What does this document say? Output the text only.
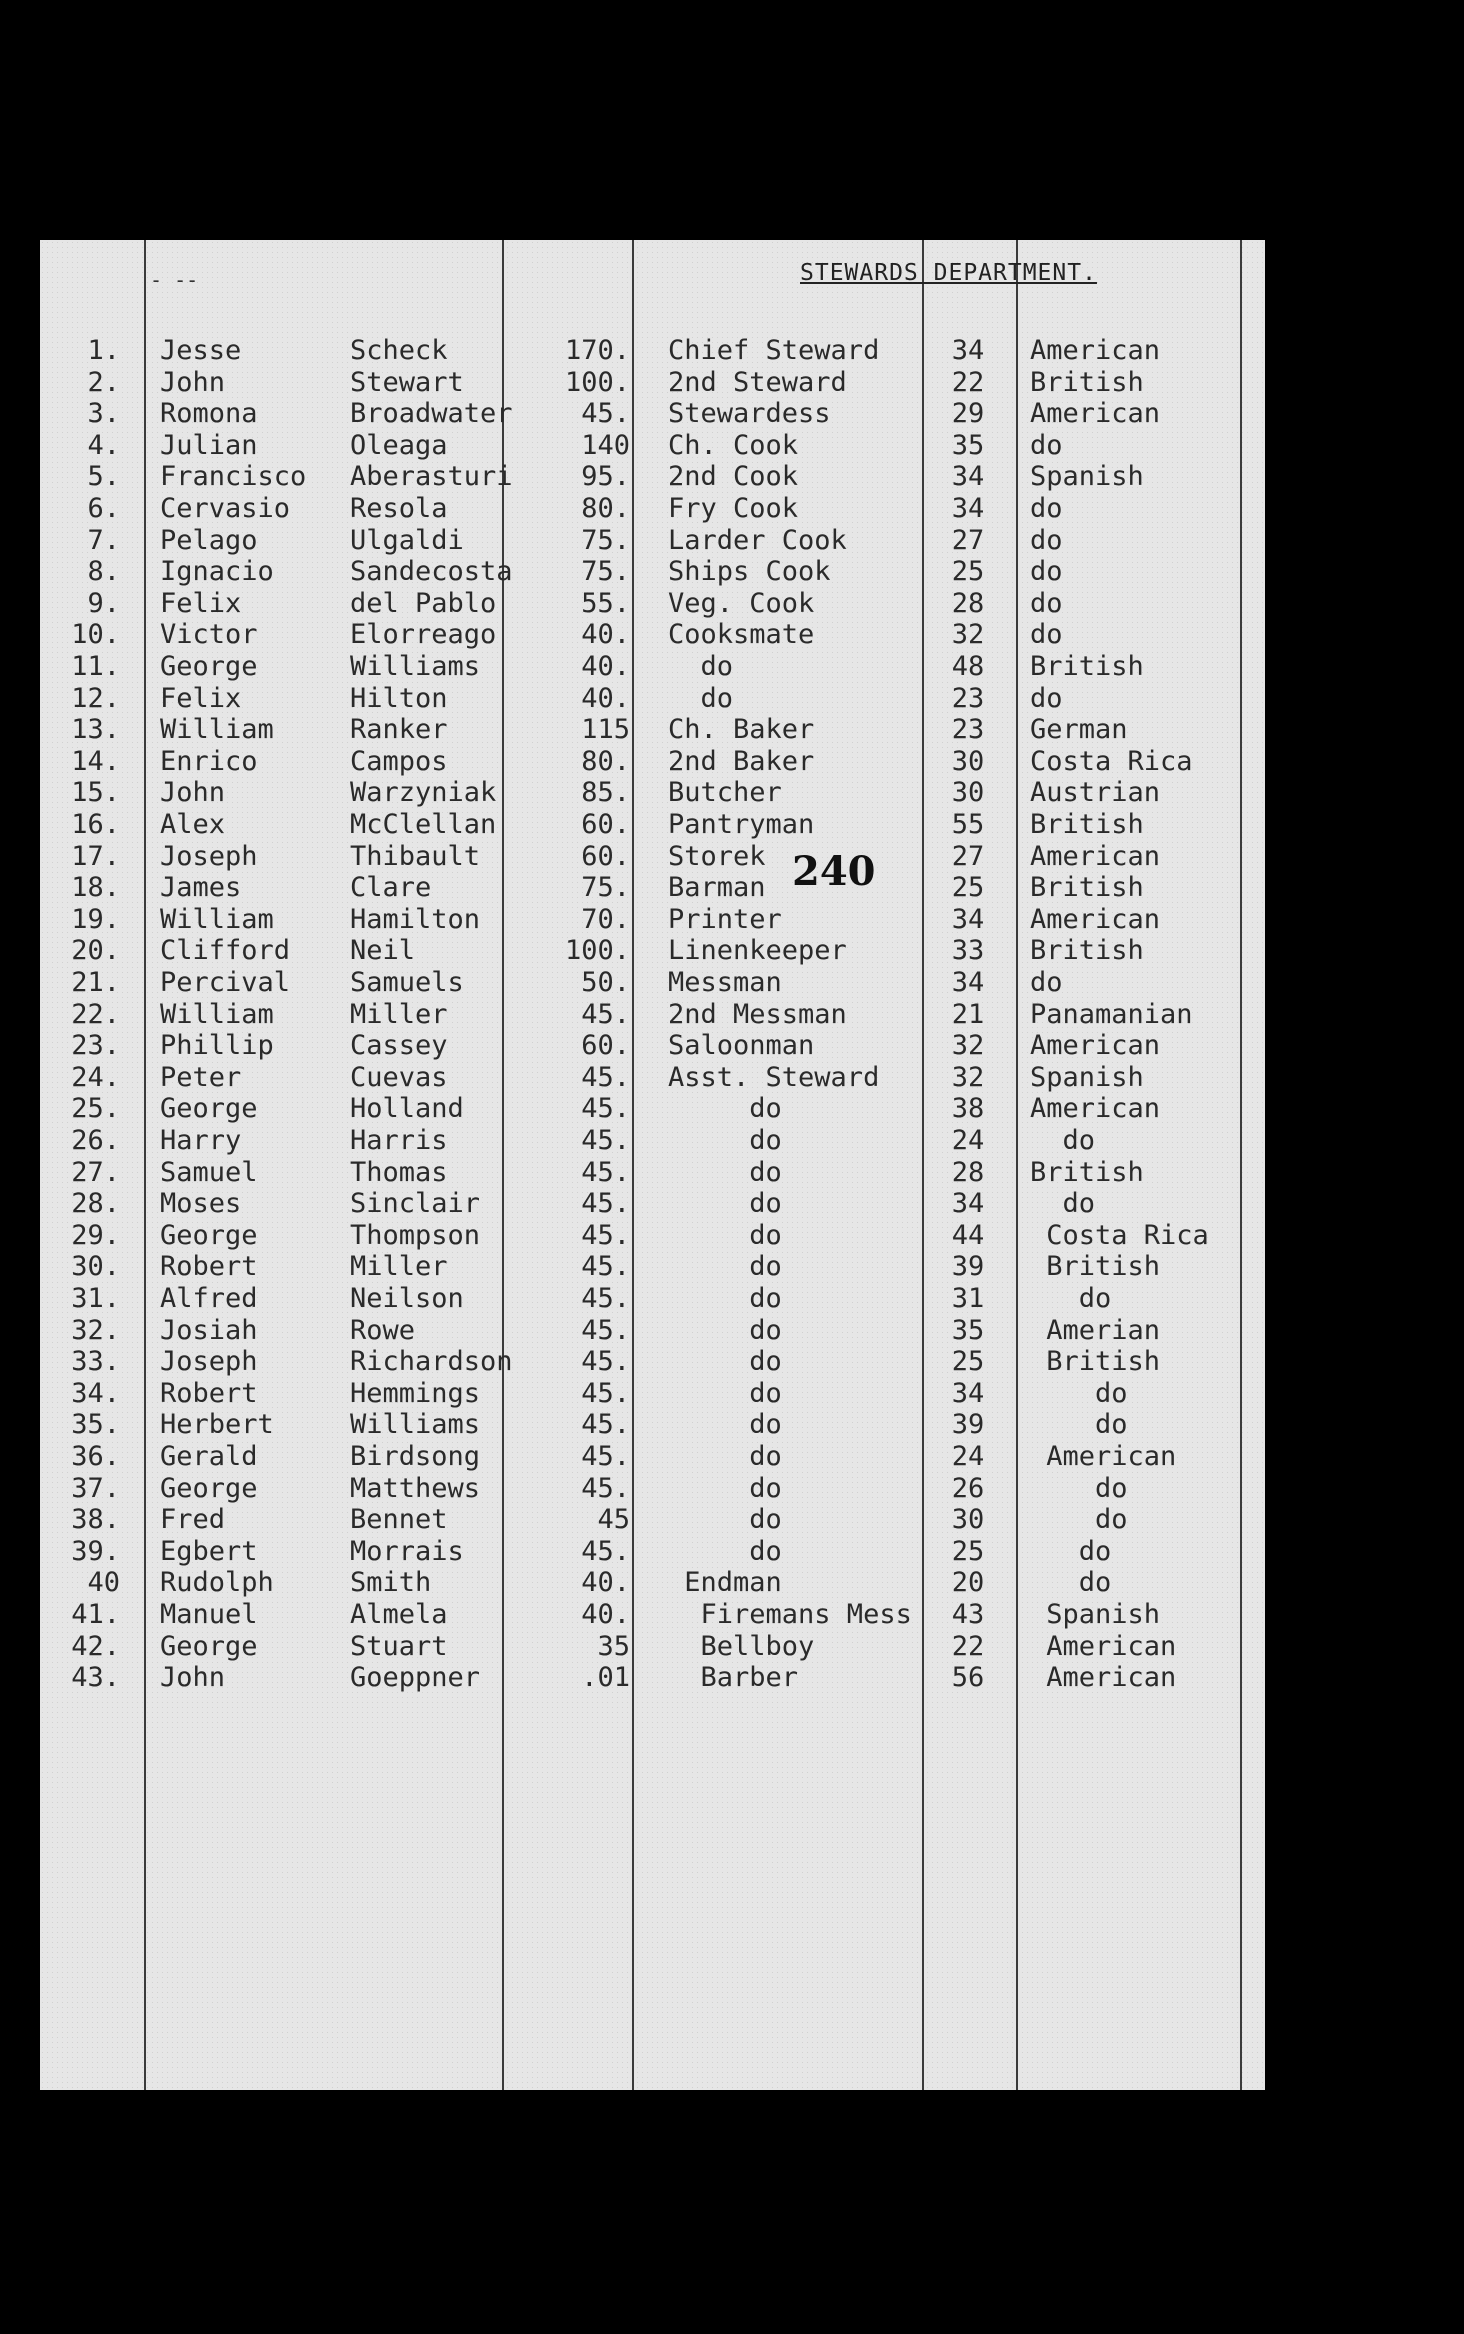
- --	STEWARDS DEPARTMENT.
1. Jesse	Scheck	170. Chief Steward	34	American
2. John	Stewart	100. 2nd Steward	22	British
3. Romona	Broadwater	45. Stewardess	29	American
4. Julian	Oleaga	140 Ch. Cook	35	do
5. Francisco Aberasturi	95. 2nd Cook	34	Spanish
6. Cervasio Resola	80. Fry Cook	34	do
7. Pelago	Ulgaldi	75. Larder Cook	27	do
8. Ignacio	Sandecosta	75. Ships Cook	25	do
9. Felix	del Pablo	55. Veg. Cook	28	do
10. Victor	Elorreago	40. Cooksmate	32	do
11. George	Williams	40. do	48	British
12. Felix	Hilton	40. do	23	do
13. William	Ranker	115 Ch. Baker	23	German
14. Enrico	Campos	80. 2nd Baker	30	Costa Rica
15. John	Warzyniak	85. Butcher	30	Austrian
16. Alex	McClellan	60. Pantryman	55	British
17. Joseph	Thibault	60. Storek	27	American
18. James	Clare	75. Barman	25	British
19. William	Hamilton	70. Printer	34	American
20. Clifford Neil	100. Linenkeeper	33	British
21. Percival Samuels	50. Messman	34	do
22. William	Miller	45. 2nd Messman	21	Panamanian
23. Phillip	Cassey	60. Saloonman	32	American
24. Peter	Cuevas	45. Asst. Steward	32	Spanish
25. George	Holland	45. do	38	American
26. Harry	Harris	45. do	24	do
27. Samuel	Thomas	45. do	28	British
28. Moses	Sinclair	45. do	34	do
29. George	Thompson	45. do	44	Costa Rica
30. Robert	Miller	45. do	39	British
31. Alfred	Neilson	45. do	31	do
32. Josiah	Rowe	45. do	35	Amerian
33. Joseph	Richardson	45. do	25	British
34. Robert	Hemmings	45. do	34	do
35. Herbert	Williams	45. do	39	do
36. Gerald	Birdsong	45. do	24	American
37. George	Matthews	45. do	26	do
38. Fred	Bennet	45 do	30	do
39. Egbert	Morrais	45. do	25	do
40 Rudolph	Smith	40. Endman	20	do
41. Manuel	Almela	40. Firemans Mess	43	Spanish
42. George	Stuart	35 Bellboy	22	American
43. John	Goeppner	.01 Barber	56	American
240
